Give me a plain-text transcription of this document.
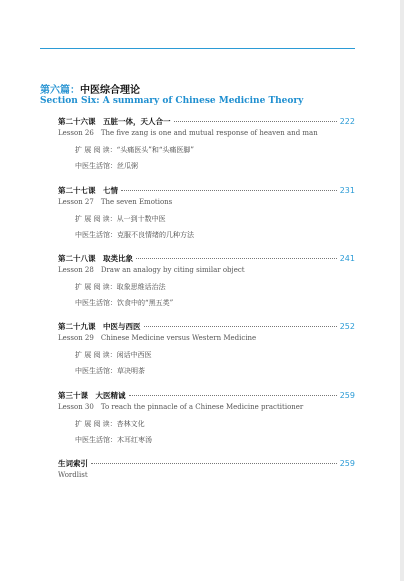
第六篇：中医综合理论
Section Six: A summary of Chinese Medicine Theory
第二十六课　五脏一体，天人合一	222
Lesson 26　The five zang is one and mutual response of heaven and man
扩 展 阅 读：“头痛医头”和“头痛医脚”
中医生活馆：丝瓜粥
第二十七课　七情	231
Lesson 27　The seven Emotions
扩 展 阅 读：从一到十数中医
中医生活馆：克服不良情绪的几种方法
第二十八课　取类比象	241
Lesson 28　Draw an analogy by citing similar object
扩 展 阅 读：取象思维话治法
中医生活馆：饮食中的“黑五类”
第二十九课　中医与西医	252
Lesson 29　Chinese Medicine versus Western Medicine
扩 展 阅 读：闲话中西医
中医生活馆：草决明茶
第三十课　大医精诚	259
Lesson 30　To reach the pinnacle of a Chinese Medicine practitioner
扩 展 阅 读：杏林文化
中医生活馆：木耳红枣汤
生词索引	259
Wordlist
